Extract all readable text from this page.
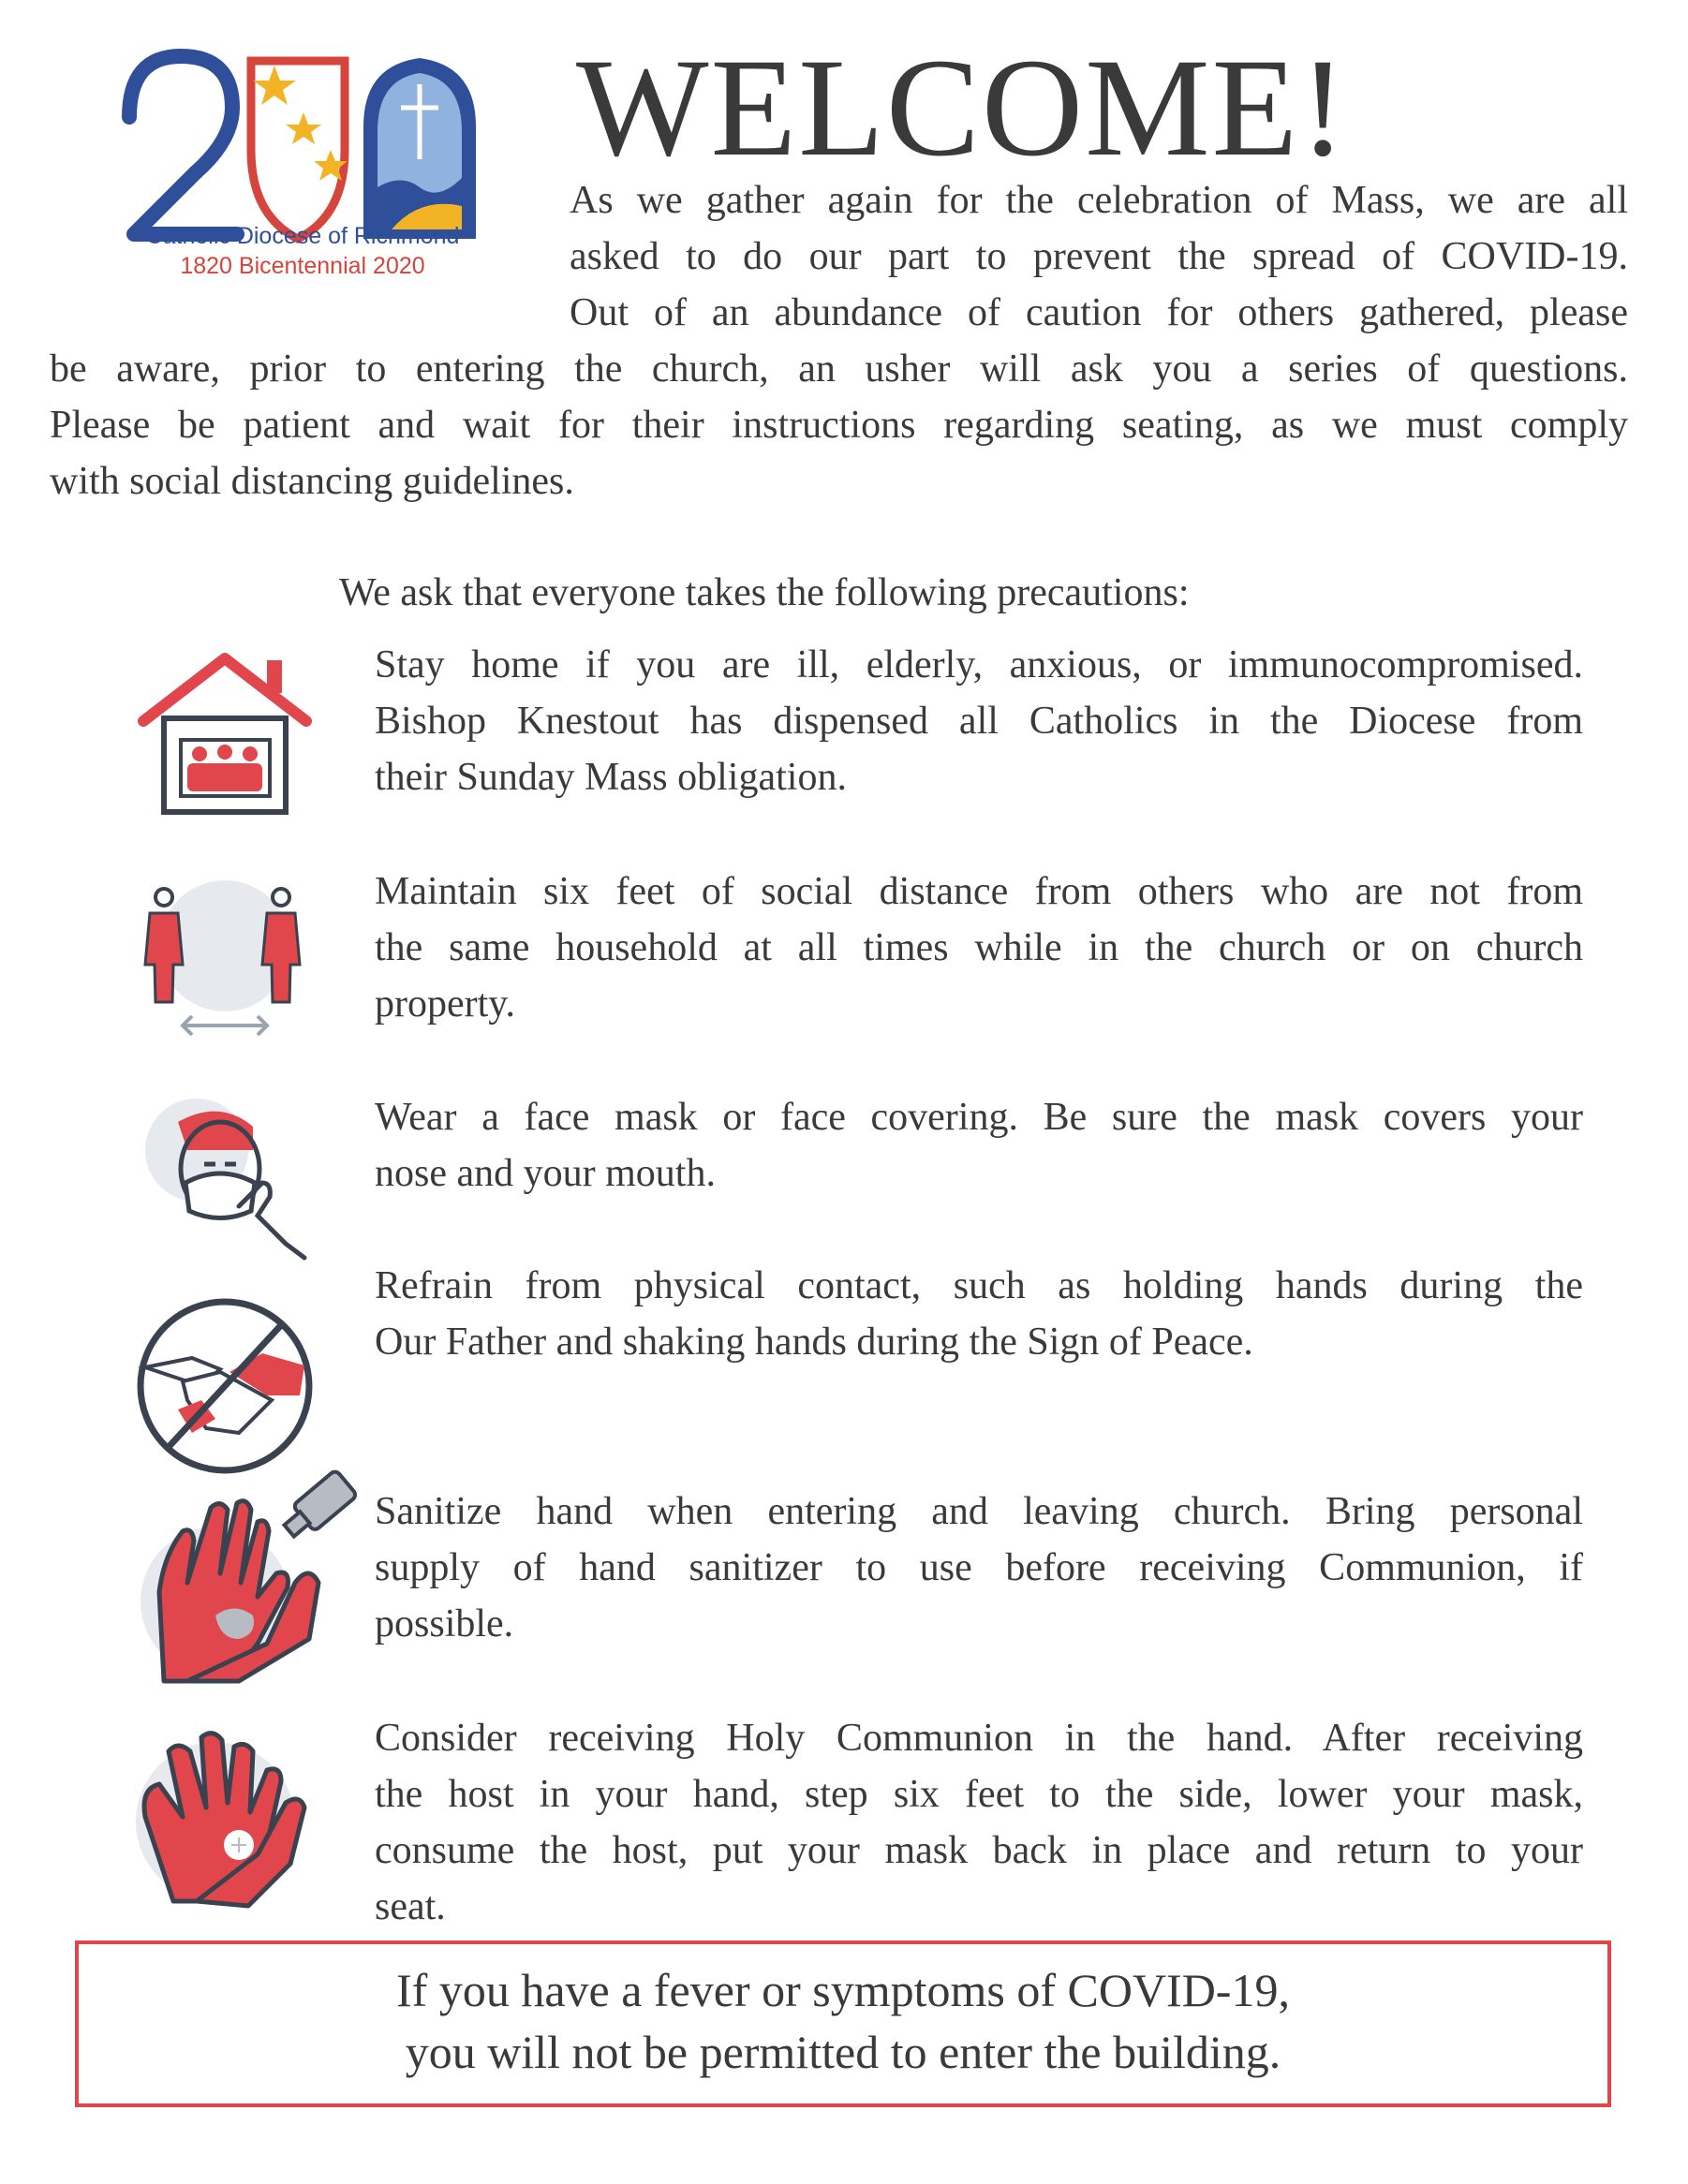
Catholic Diocese of Richmond
1820 Bicentennial 2020
WELCOME!
As we gather again for the celebration of Mass, we are all
asked to do our part to prevent the spread of COVID-19.
Out of an abundance of caution for others gathered, please
be aware, prior to entering the church, an usher will ask you a series of questions.
Please be patient and wait for their instructions regarding seating, as we must comply
with social distancing guidelines.
We ask that everyone takes the following precautions:
Stay home if you are ill, elderly, anxious, or immunocompromised.
Bishop Knestout has dispensed all Catholics in the Diocese from
their Sunday Mass obligation.
Maintain six feet of social distance from others who are not from
the same household at all times while in the church or on church
property.
Wear a face mask or face covering. Be sure the mask covers your
nose and your mouth.
Refrain from physical contact, such as holding hands during the
Our Father and shaking hands during the Sign of Peace.
Sanitize hand when entering and leaving church. Bring personal
supply of hand sanitizer to use before receiving Communion, if
possible.
Consider receiving Holy Communion in the hand. After receiving
the host in your hand, step six feet to the side, lower your mask,
consume the host, put your mask back in place and return to your
seat.
If you have a fever or symptoms of COVID-19,
you will not be permitted to enter the building.
